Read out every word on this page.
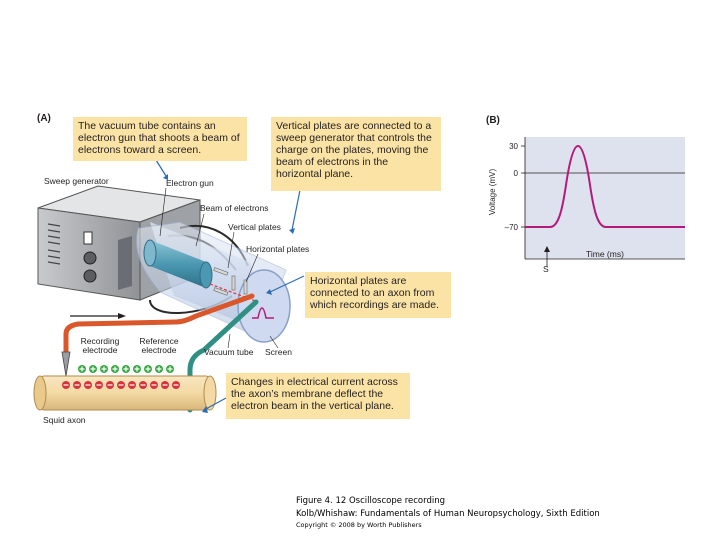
(A)
The vacuum tube contains an electron gun that shoots a beam of electrons toward a screen.
Vertical plates are connected to a sweep generator that controls the charge on the plates, moving the beam of electrons in the horizontal plane.
Horizontal plates are connected to an axon from which recordings are made.
Changes in electrical current across the axon’s membrane deflect the electron beam in the vertical plane.
Sweep generator	Electron gun
Beam of electrons
Vertical plates
Horizontal plates
Recording
electrode
Reference
electrode	Vacuum tube Screen
Squid axon
(B)
30
0
–70
Voltage (mV)
Time (ms)
S
Figure 4. 12 Oscilloscope recording
Kolb/Whishaw: Fundamentals of Human Neuropsychology, Sixth Edition
Copyright © 2008 by Worth Publishers
